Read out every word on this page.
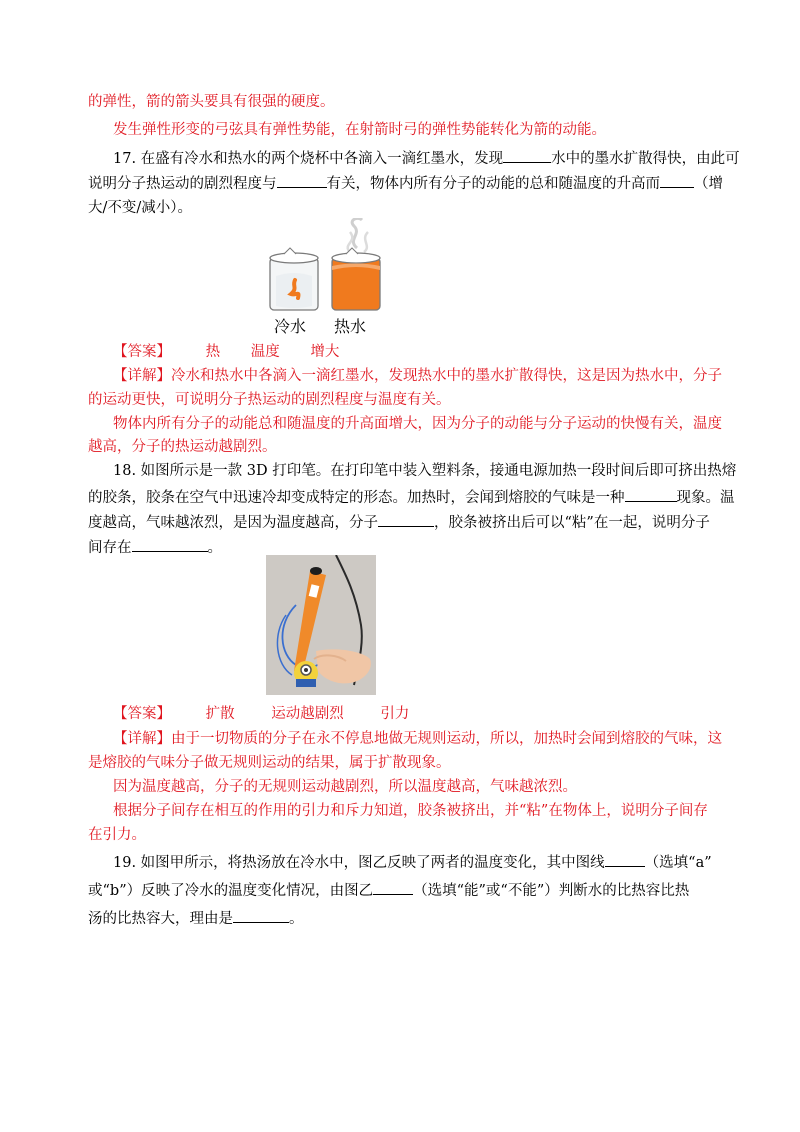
的弹性，箭的箭头要具有很强的硬度。
发生弹性形变的弓弦具有弹性势能，在射箭时弓的弹性势能转化为箭的动能。
17. 在盛有冷水和热水的两个烧杯中各滴入一滴红墨水，发现	水中的墨水扩散得快，由此可
说明分子热运动的剧烈程度与	有关，物体内所有分子的动能的总和随温度的升高而 （增
大/不变/减小）。
冷水 热水
【答案】 热 温度 增大
【详解】冷水和热水中各滴入一滴红墨水，发现热水中的墨水扩散得快，这是因为热水中，分子
的运动更快，可说明分子热运动的剧烈程度与温度有关。
物体内所有分子的动能总和随温度的升高面增大，因为分子的动能与分子运动的快慢有关，温度
越高，分子的热运动越剧烈。
18. 如图所示是一款 3D 打印笔。在打印笔中装入塑料条，接通电源加热一段时间后即可挤出热熔
的胶条，胶条在空气中迅速冷却变成特定的形态。加热时，会闻到熔胶的气味是一种	现象。温
度越高，气味越浓烈，是因为温度越高，分子	，胶条被挤出后可以“粘”在一起，说明分子
间存在	。
【答案】 扩散	运动越剧烈	引力
【详解】由于一切物质的分子在永不停息地做无规则运动，所以，加热时会闻到熔胶的气味，这
是熔胶的气味分子做无规则运动的结果，属于扩散现象。
因为温度越高，分子的无规则运动越剧烈，所以温度越高，气味越浓烈。
根据分子间存在相互的作用的引力和斥力知道，胶条被挤出，并“粘”在物体上，说明分子间存
在引力。
19. 如图甲所示，将热汤放在冷水中，图乙反映了两者的温度变化，其中图线	（选填“a”
或“b”）反映了冷水的温度变化情况，由图乙	（选填“能”或“不能”）判断水的比热容比热
汤的比热容大，理由是	。
